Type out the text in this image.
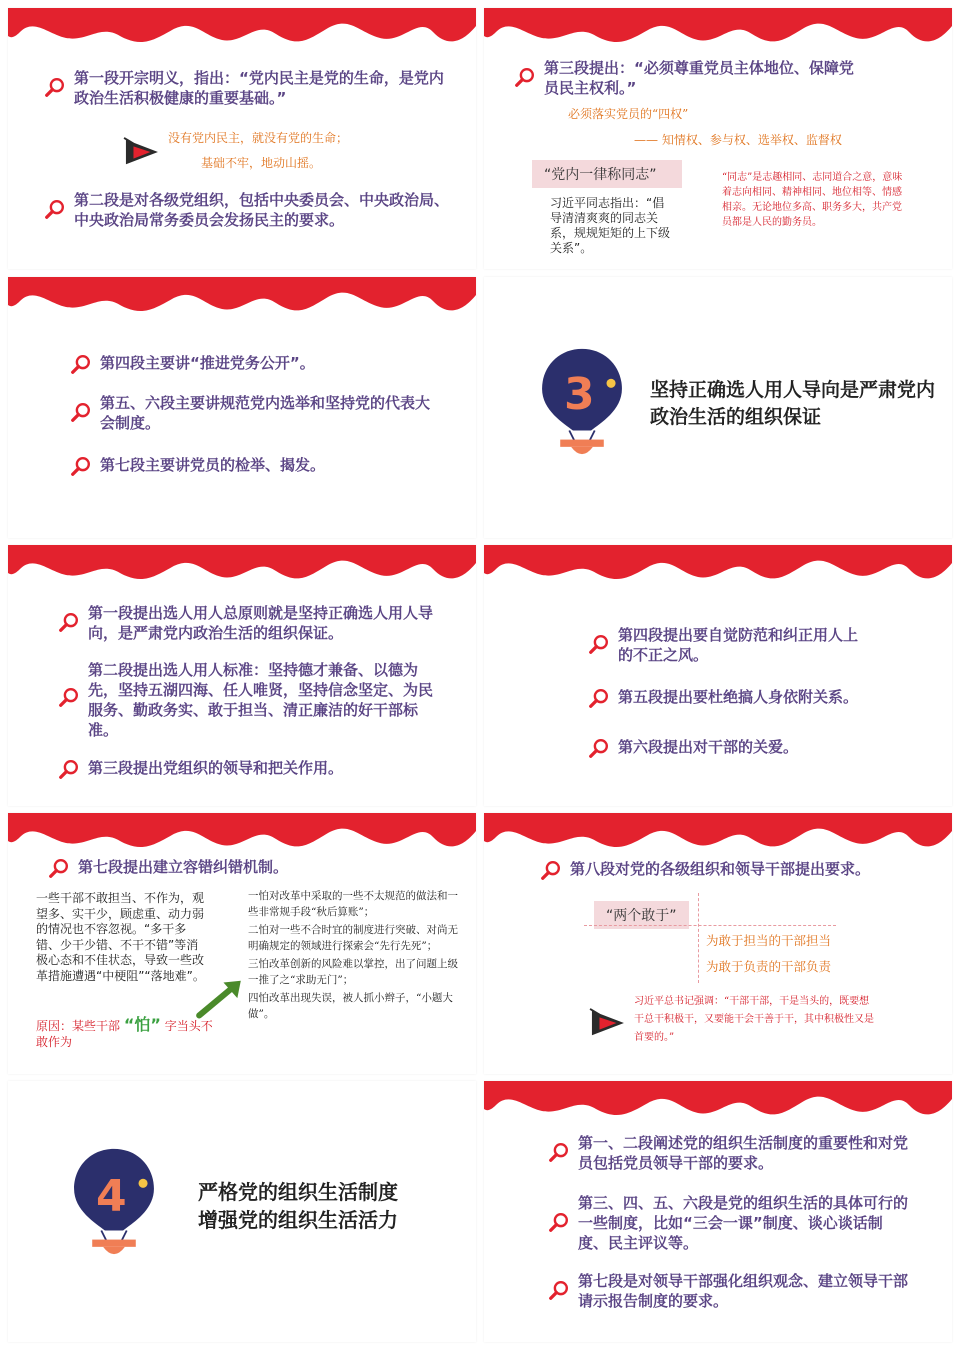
第一段开宗明义，指出：“党内民主是党的生命，是党内政治生活积极健康的重要基础。”
没有党内民主，就没有党的生命；
基础不牢，地动山摇。
第二段是对各级党组织，包括中央委员会、中央政治局、中央政治局常务委员会发扬民主的要求。
第三段提出：“必须尊重党员主体地位、保障党员民主权利。”
必须落实党员的“四权”
—— 知情权、参与权、选举权、监督权
“党内一律称同志”
习近平同志指出：“倡导清清爽爽的同志关系，规规矩矩的上下级关系”。
“同志”是志趣相同、志同道合之意，意味着志向相同、精神相同、地位相等、情感相亲。无论地位多高、职务多大，共产党员都是人民的勤务员。
第四段主要讲“推进党务公开”。
第五、六段主要讲规范党内选举和坚持党的代表大会制度。
第七段主要讲党员的检举、揭发。
3	坚持正确选人用人导向是严肃党内政治生活的组织保证
第一段提出选人用人总原则就是坚持正确选人用人导向，是严肃党内政治生活的组织保证。
第二段提出选人用人标准：坚持德才兼备、以德为先，坚持五湖四海、任人唯贤，坚持信念坚定、为民服务、勤政务实、敢于担当、清正廉洁的好干部标准。
第三段提出党组织的领导和把关作用。
第四段提出要自觉防范和纠正用人上的不正之风。
第五段提出要杜绝搞人身依附关系。
第六段提出对干部的关爱。
第七段提出建立容错纠错机制。
一些干部不敢担当、不作为，观望多、实干少，顾虑重、动力弱的情况也不容忽视。“多干多错、少干少错、不干不错”等消极心态和不佳状态，导致一些改革措施遭遇“中梗阻”“落地难”。
原因：某些干部 “怕” 字当头不敢作为
一怕对改革中采取的一些不太规范的做法和一些非常规手段“秋后算账”；
二怕对一些不合时宜的制度进行突破、对尚无明确规定的领域进行探索会“先行先死”；
三怕改革创新的风险难以掌控，出了问题上级一推了之“求助无门”；
四怕改革出现失误，被人抓小辫子，“小题大做”。
第八段对党的各级组织和领导干部提出要求。
“两个敢于”
为敢于担当的干部担当
为敢于负责的干部负责
习近平总书记强调：“干部干部，干是当头的，既要想干总干积极干，又要能干会干善于干，其中积极性又是首要的。”
4	严格党的组织生活制度
增强党的组织生活活力
第一、二段阐述党的组织生活制度的重要性和对党员包括党员领导干部的要求。
第三、四、五、六段是党的组织生活的具体可行的一些制度，比如“三会一课”制度、谈心谈话制度、民主评议等。
第七段是对领导干部强化组织观念、建立领导干部请示报告制度的要求。
